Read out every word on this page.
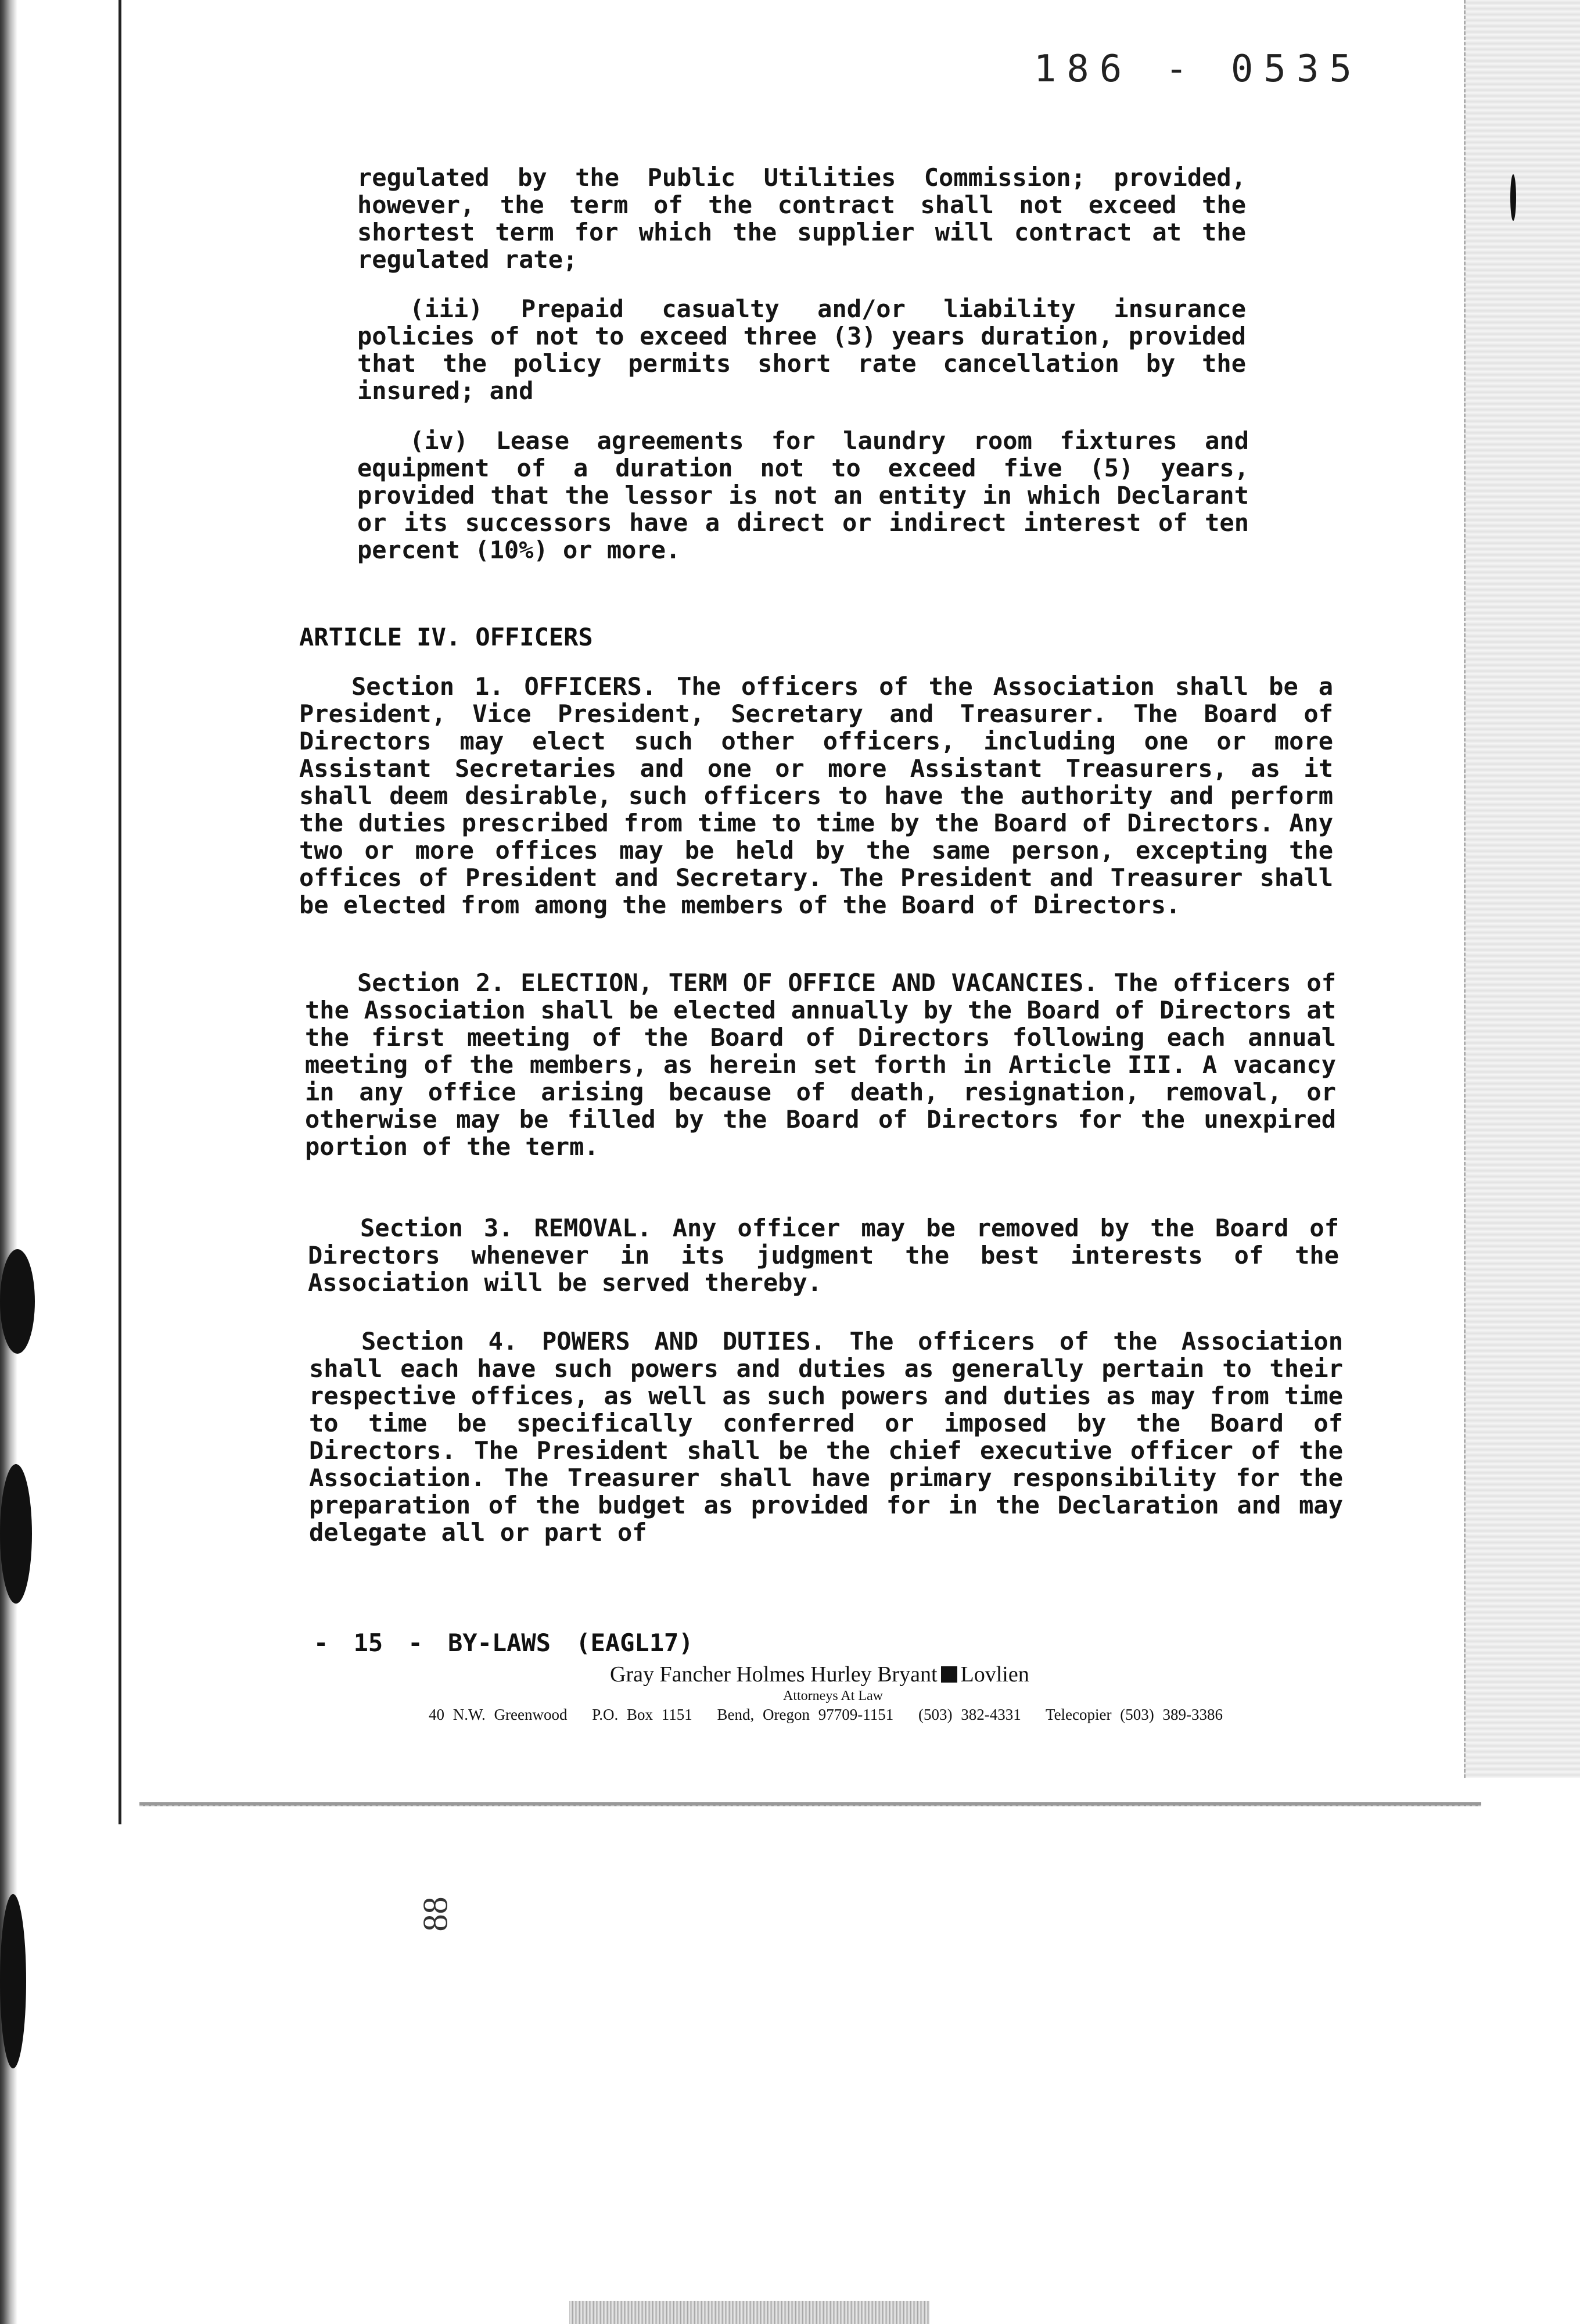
186 - 0535

regulated by the Public Utilities Commission; provided, however, the term of the contract shall not exceed the shortest term for which the supplier will contract at the regulated rate;

(iii) Prepaid casualty and/or liability insurance policies of not to exceed three (3) years duration, provided that the policy permits short rate cancellation by the insured; and

(iv) Lease agreements for laundry room fixtures and equipment of a duration not to exceed five (5) years, provided that the lessor is not an entity in which Declarant or its successors have a direct or indirect interest of ten percent (10%) or more.

ARTICLE IV. OFFICERS

Section 1. OFFICERS. The officers of the Association shall be a President, Vice President, Secretary and Treasurer. The Board of Directors may elect such other officers, including one or more Assistant Secretaries and one or more Assistant Treasurers, as it shall deem desirable, such officers to have the authority and perform the duties prescribed from time to time by the Board of Directors. Any two or more offices may be held by the same person, excepting the offices of President and Secretary. The President and Treasurer shall be elected from among the members of the Board of Directors.

Section 2. ELECTION, TERM OF OFFICE AND VACANCIES. The officers of the Association shall be elected annually by the Board of Directors at the first meeting of the Board of Directors following each annual meeting of the members, as herein set forth in Article III. A vacancy in any office arising because of death, resignation, removal, or otherwise may be filled by the Board of Directors for the unexpired portion of the term.

Section 3. REMOVAL. Any officer may be removed by the Board of Directors whenever in its judgment the best interests of the Association will be served thereby.

Section 4. POWERS AND DUTIES. The officers of the Association shall each have such powers and duties as generally pertain to their respective offices, as well as such powers and duties as may from time to time be specifically conferred or imposed by the Board of Directors. The President shall be the chief executive officer of the Association. The Treasurer shall have primary responsibility for the preparation of the budget as provided for in the Declaration and may delegate all or part of

- 15 - BY-LAWS (EAGL17)
Gray Fancher Holmes Hurley Bryant Lovlien
Attorneys At Law
40 N.W. Greenwood P.O. Box 1151 Bend, Oregon 97709-1151 (503) 382-4331 Telecopier (503) 389-3386
88
